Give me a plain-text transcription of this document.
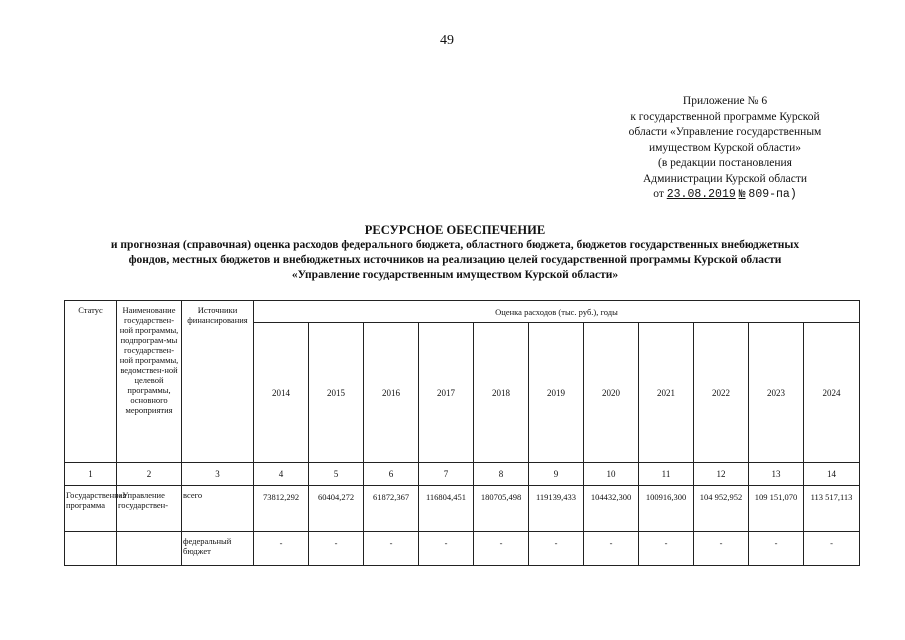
49
Приложение № 6
к государственной программе Курской
области «Управление государственным
имуществом Курской области»
(в редакции постановления
Администрации Курской области
от 23.08.2019 № 809-па)
РЕСУРСНОЕ ОБЕСПЕЧЕНИЕ
и прогнозная (справочная) оценка расходов федерального бюджета, областного бюджета, бюджетов государственных внебюджетных
фондов, местных бюджетов и внебюджетных источников на реализацию целей государственной программы Курской области
«Управление государственным имуществом Курской области»
Статус	Наименование государствен-ной программы, подпрограм-мы государствен-ной программы, ведомствен-ной целевой программы, основного мероприятия	Источники финансирования	Оценка расходов (тыс. руб.), годы										
			2014	2015	2016	2017	2018	2019	2020	2021	2022	2023	2024
1	2	3	4	5	6	7	8	9	10	11	12	13	14
Государственная программа	«Управление государствен-	всего	73812,292	60404,272	61872,367	116804,451	180705,498	119139,433	104432,300	100916,300	104 952,952	109 151,070	113 517,113
		федеральный бюджет	-	-	-	-	-	-	-	-	-	-	-
